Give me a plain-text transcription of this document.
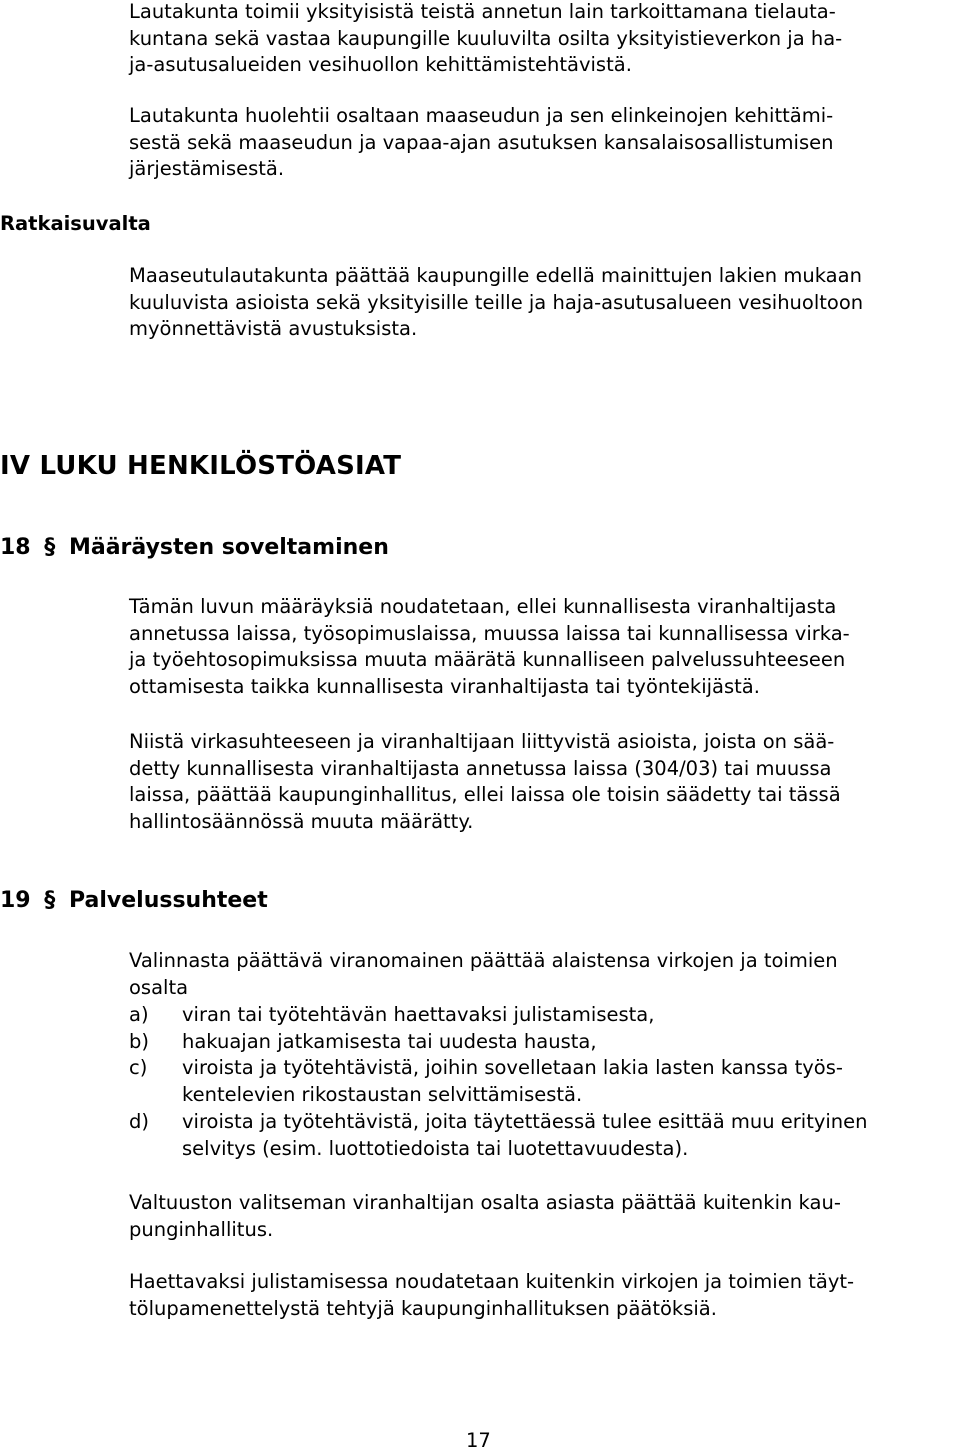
Lautakunta toimii yksityisistä teistä annetun lain tarkoittamana tielauta-
kuntana sekä vastaa kaupungille kuuluvilta osilta yksityistieverkon ja ha-
ja-asutusalueiden vesihuollon kehittämistehtävistä.

Lautakunta huolehtii osaltaan maaseudun ja sen elinkeinojen kehittämi-
sestä sekä maaseudun ja vapaa-ajan asutuksen kansalaisosallistumisen
järjestämisestä.

Ratkaisuvalta

Maaseutulautakunta päättää kaupungille edellä mainittujen lakien mukaan
kuuluvista asioista sekä yksityisille teille ja haja-asutusalueen vesihuoltoon
myönnettävistä avustuksista.

IV LUKU HENKILÖSTÖASIAT
18 § Määräysten soveltaminen

Tämän luvun määräyksiä noudatetaan, ellei kunnallisesta viranhaltijasta
annetussa laissa, työsopimuslaissa, muussa laissa tai kunnallisessa virka-
ja työehtosopimuksissa muuta määrätä kunnalliseen palvelussuhteeseen
ottamisesta taikka kunnallisesta viranhaltijasta tai työntekijästä.

Niistä virkasuhteeseen ja viranhaltijaan liittyvistä asioista, joista on sää-
detty kunnallisesta viranhaltijasta annetussa laissa (304/03) tai muussa
laissa, päättää kaupunginhallitus, ellei laissa ole toisin säädetty tai tässä
hallintosäännössä muuta määrätty.

19 § Palvelussuhteet

Valinnasta päättävä viranomainen päättää alaistensa virkojen ja toimien
osalta

a) viran tai työtehtävän haettavaksi julistamisesta,
b) hakuajan jatkamisesta tai uudesta hausta,
c) viroista ja työtehtävistä, joihin sovelletaan lakia lasten kanssa työs-
kentelevien rikostaustan selvittämisestä.
d) viroista ja työtehtävistä, joita täytettäessä tulee esittää muu erityinen
selvitys (esim. luottotiedoista tai luotettavuudesta).

Valtuuston valitseman viranhaltijan osalta asiasta päättää kuitenkin kau-
punginhallitus.

Haettavaksi julistamisessa noudatetaan kuitenkin virkojen ja toimien täyt-
tölupamenettelystä tehtyjä kaupunginhallituksen päätöksiä.

17
